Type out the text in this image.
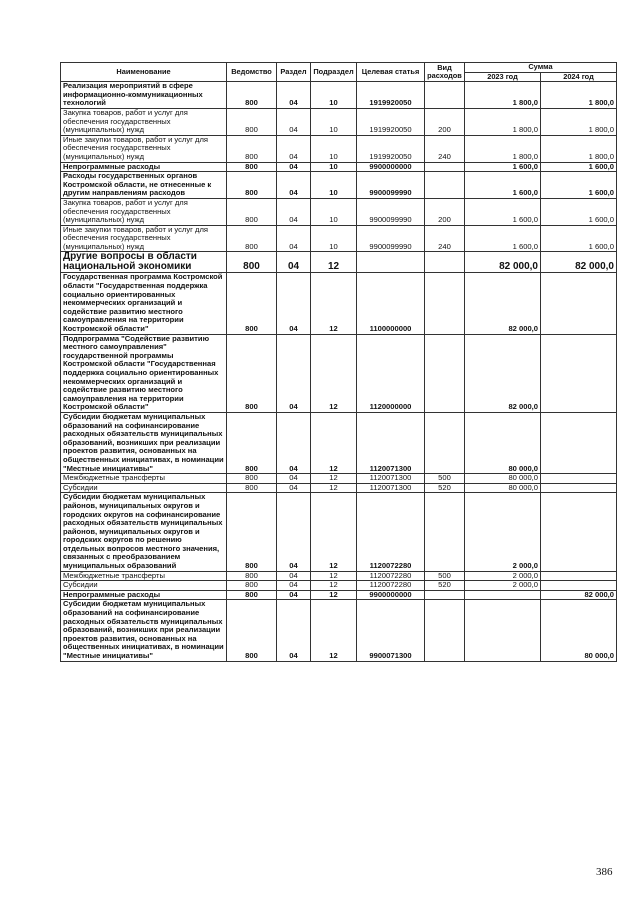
Наименование	Ведомство	Раздел	Подраздел	Целевая статья	Вид расходов	Сумма	
						2023 год	2024 год
Реализация мероприятий в сфере информационно-коммуникационных технологий	800	04	10	1919920050		1 800,0	1 800,0
Закупка товаров, работ и услуг для обеспечения государственных (муниципальных) нужд	800	04	10	1919920050	200	1 800,0	1 800,0
Иные закупки товаров, работ и услуг для обеспечения государственных (муниципальных) нужд	800	04	10	1919920050	240	1 800,0	1 800,0
Непрограммные расходы	800	04	10	9900000000		1 600,0	1 600,0
Расходы государственных органов Костромской области, не отнесенные к другим направлениям расходов	800	04	10	9900099990		1 600,0	1 600,0
Закупка товаров, работ и услуг для обеспечения государственных (муниципальных) нужд	800	04	10	9900099990	200	1 600,0	1 600,0
Иные закупки товаров, работ и услуг для обеспечения государственных (муниципальных) нужд	800	04	10	9900099990	240	1 600,0	1 600,0
Другие вопросы в области национальной экономики	800	04	12			82 000,0	82 000,0
Государственная программа Костромской области "Государственная поддержка социально ориентированных некоммерческих организаций и содействие развитию местного самоуправления на территории Костромской области"	800	04	12	1100000000		82 000,0	
Подпрограмма "Содействие развитию местного самоуправления" государственной программы Костромской области "Государственная поддержка социально ориентированных некоммерческих организаций и содействие развитию местного самоуправления на территории Костромской области"	800	04	12	1120000000		82 000,0	
Субсидии бюджетам муниципальных образований на софинансирование расходных обязательств муниципальных образований, возникших при реализации проектов развития, основанных на общественных инициативах, в номинации "Местные инициативы"	800	04	12	1120071300		80 000,0	
Межбюджетные трансферты	800	04	12	1120071300	500	80 000,0	
Субсидии	800	04	12	1120071300	520	80 000,0	
Субсидии бюджетам муниципальных районов, муниципальных округов и городских округов на софинансирование расходных обязательств муниципальных районов, муниципальных округов и городских округов по решению отдельных вопросов местного значения, связанных с преобразованием муниципальных образований	800	04	12	1120072280		2 000,0	
Межбюджетные трансферты	800	04	12	1120072280	500	2 000,0	
Субсидии	800	04	12	1120072280	520	2 000,0	
Непрограммные расходы	800	04	12	9900000000			82 000,0
Субсидии бюджетам муниципальных образований на софинансирование расходных обязательств муниципальных образований, возникших при реализации проектов развития, основанных на общественных инициативах, в номинации "Местные инициативы"	800	04	12	9900071300			80 000,0
386
